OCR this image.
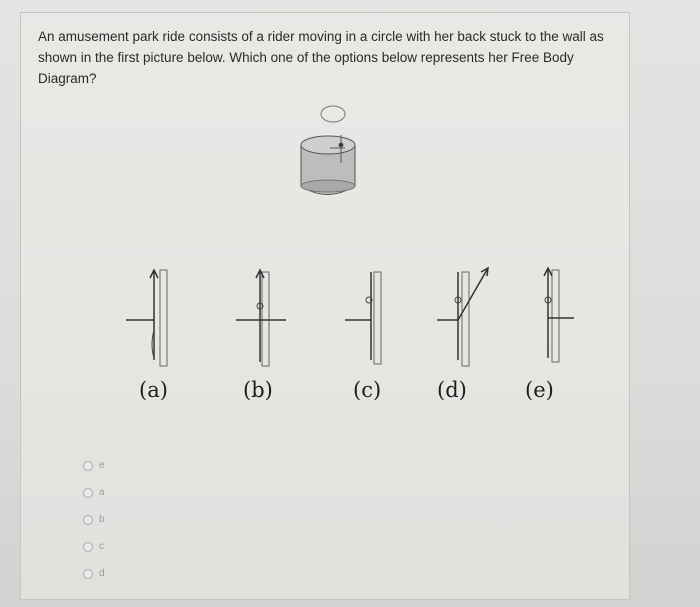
An amusement park ride consists of a rider moving in a circle with her back stuck to the wall as
shown in the first picture below. Which one of the options below represents her Free Body
Diagram?
(a)	(b)	(c)	(d)	(e)
e
a
b
c
d
